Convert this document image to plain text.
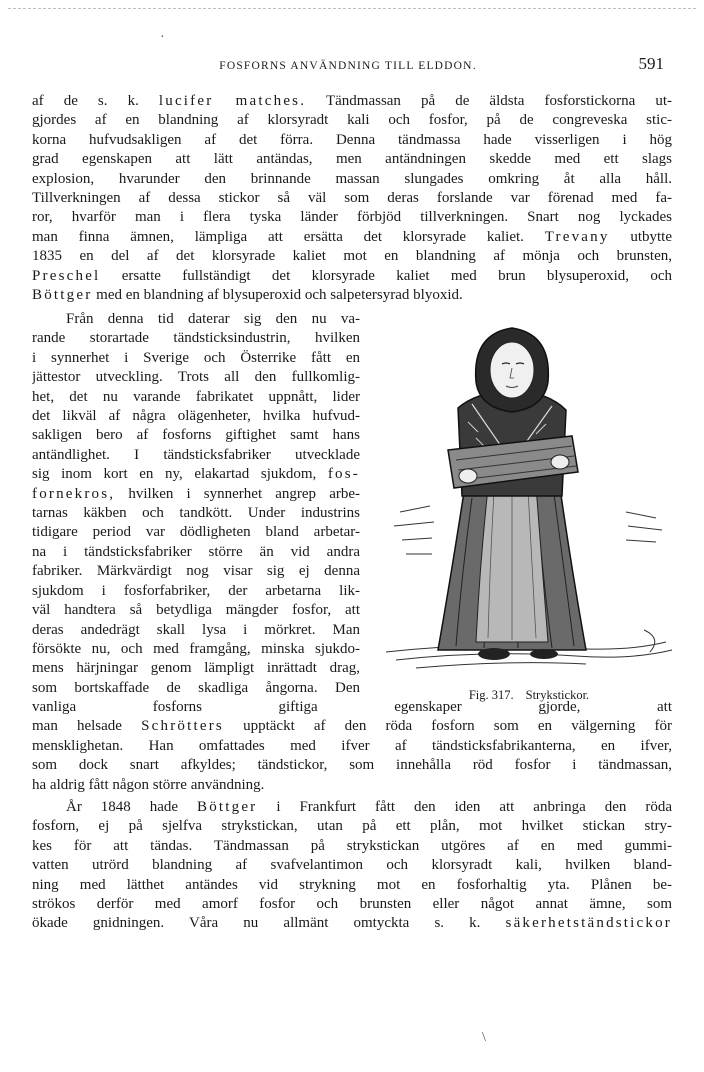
·
FOSFORNS ANVÄNDNING TILL ELDDON.	591
af de s. k. lucifer matches. Tändmassan på de äldsta fosforstickorna ut-
gjordes af en blandning af klorsyradt kali och fosfor, på de congreveska stic-
korna hufvudsakligen af det förra. Denna tändmassa hade visserligen i hög
grad egenskapen att lätt antändas, men antändningen skedde med ett slags
explosion, hvarunder den brinnande massan slungades omkring åt alla håll.
Tillverkningen af dessa stickor så väl som deras forslande var förenad med fa-
ror, hvarför man i flera tyska länder förbjöd tillverkningen. Snart nog lyckades
man finna ämnen, lämpliga att ersätta det klorsyrade kaliet. Trevany utbytte
1835 en del af det klorsyrade kaliet mot en blandning af mönja och brunsten,
Preschel ersatte fullständigt det klorsyrade kaliet med brun blysuperoxid, och
Böttger med en blandning af blysuperoxid och salpetersyrad blyoxid.
Från denna tid daterar sig den nu va-
rande storartade tändsticksindustrin, hvilken
i synnerhet i Sverige och Österrike fått en
jättestor utveckling. Trots all den fullkomlig-
het, det nu varande fabrikatet uppnått, lider
det likväl af några olägenheter, hvilka hufvud-
sakligen bero af fosforns giftighet samt hans
antändlighet. I tändsticksfabriker utvecklade
sig inom kort en ny, elakartad sjukdom, fos-
fornekros, hvilken i synnerhet angrep arbe-
tarnas käkben och tandkött. Under industrins
tidigare period var dödligheten bland arbetar-
na i tändsticksfabriker större än vid andra
fabriker. Märkvärdigt nog visar sig ej denna
sjukdom i fosforfabriker, der arbetarna lik-
väl handtera så betydliga mängder fosfor, att
deras andedrägt skall lysa i mörkret. Man
försökte nu, och med framgång, minska sjukdo-
mens härjningar genom lämpligt inrättadt drag,
som bortskaffade de skadliga ångorna. Den
vanliga fosforns giftiga egenskaper gjorde, att
man helsade Schrötters upptäckt af den röda fosforn som en välgerning för
mensklighetan. Han omfattades med ifver af tändsticksfabrikanterna, en ifver,
som dock snart afkyldes; tändstickor, som innehålla röd fosfor i tändmassan,
ha aldrig fått någon större användning.
Fig. 317. Strykstickor.
År 1848 hade Böttger i Frankfurt fått den iden att anbringa den röda
fosforn, ej på sjelfva strykstickan, utan på ett plån, mot hvilket stickan stry-
kes för att tändas. Tändmassan på strykstickan utgöres af en med gummi-
vatten utrörd blandning af svafvelantimon och klorsyradt kali, hvilken bland-
ning med lätthet antändes vid strykning mot en fosforhaltig yta. Plånen be-
strökos derför med amorf fosfor och brunsten eller något annat ämne, som
ökade gnidningen. Våra nu allmänt omtyckta s. k. säkerhetständstickor
\
